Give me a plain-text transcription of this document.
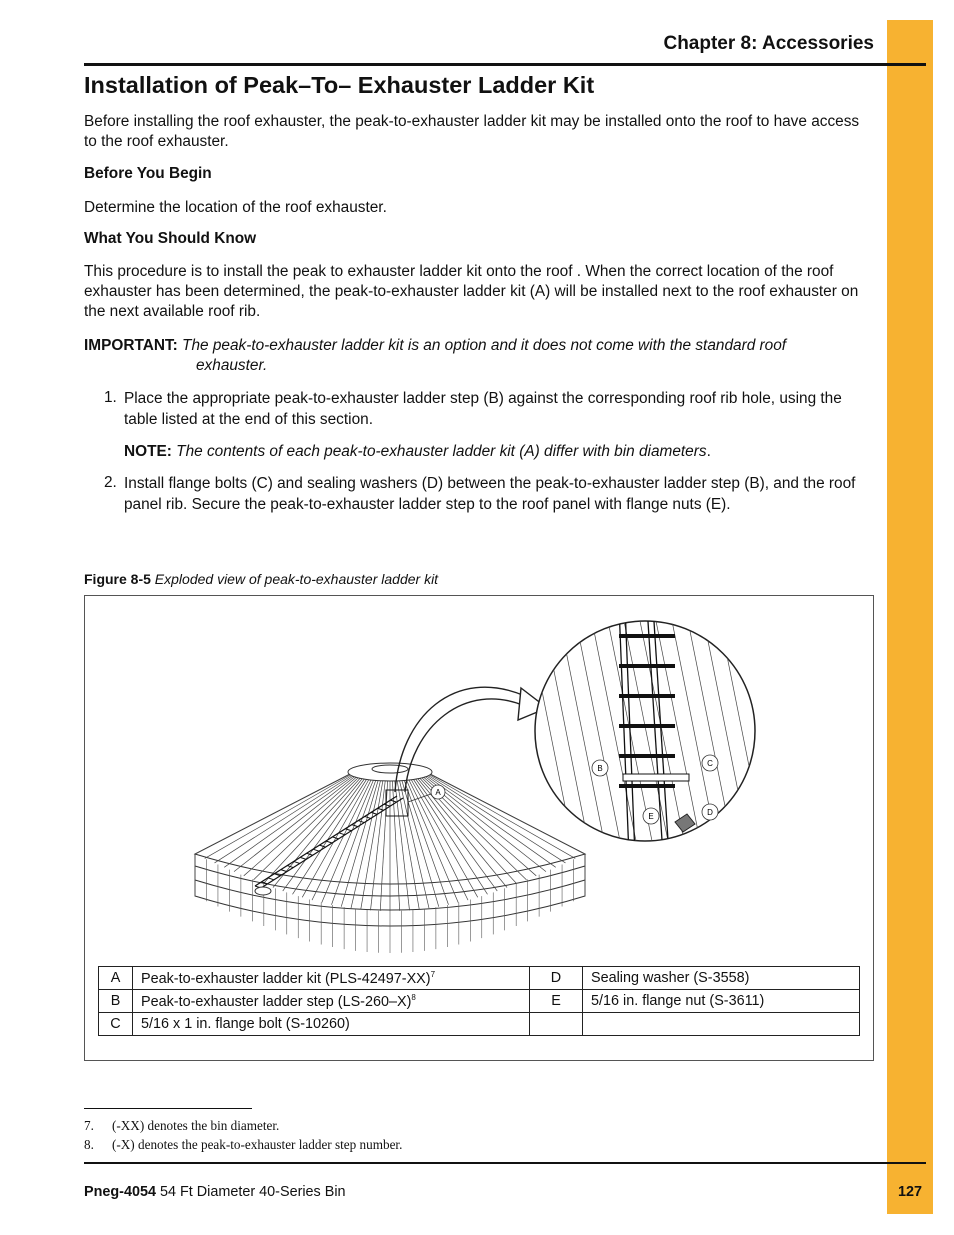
Chapter 8: Accessories
Installation of Peak–To– Exhauster Ladder Kit

Before installing the roof exhauster, the peak-to-exhauster ladder kit may be installed onto the roof to have access to the roof exhauster.

Before You Begin

Determine the location of the roof exhauster.

What You Should Know

This procedure is to install the peak to exhauster ladder kit onto the roof . When the correct location of the roof exhauster has been determined, the peak-to-exhauster ladder kit (A) will be installed next to the roof exhauster on the next available roof rib.

IMPORTANT: The peak-to-exhauster ladder kit is an option and it does not come with the standard roof
exhauster.
1. Place the appropriate peak-to-exhauster ladder step (B) against the corresponding roof rib hole, using the table listed at the end of this section.

NOTE: The contents of each peak-to-exhauster ladder kit (A) differ with bin diameters.

2. Install flange bolts (C) and sealing washers (D) between the peak-to-exhauster ladder step (B), and the roof panel rib. Secure the peak-to-exhauster ladder step to the roof panel with flange nuts (E).

Figure 8-5 Exploded view of peak-to-exhauster ladder kit
A
B
C
D
E
A	Peak-to-exhauster ladder kit $(PLS-42497-XX)^7$	D	Sealing washer (S-3558)
B	Peak-to-exhauster ladder step $(LS-260-X)^8$	E	5/16 in. flange nut (S-3611)
C	5/16 x 1 in. flange bolt (S-10260)		
7. (-XX) denotes the bin diameter.
8. (-X) denotes the peak-to-exhauster ladder step number.
Pneg-4054 54 Ft Diameter 40-Series Bin	127
